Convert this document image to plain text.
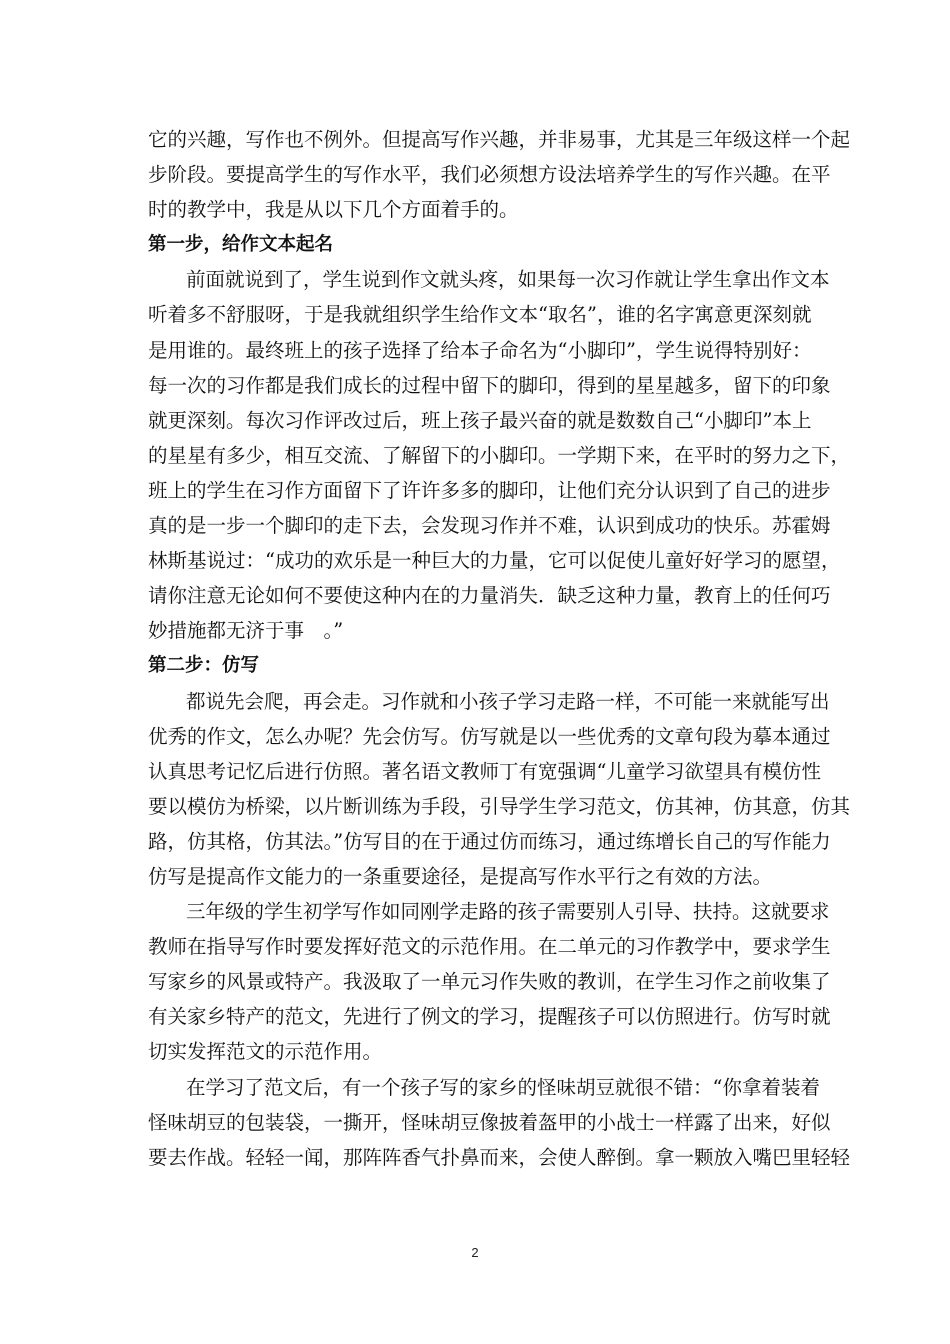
它的兴趣，写作也不例外。但提高写作兴趣，并非易事，尤其是三年级这样一个起
步阶段。要提高学生的写作水平，我们必须想方设法培养学生的写作兴趣。在平
时的教学中，我是从以下几个方面着手的。
第一步，给作文本起名
前面就说到了，学生说到作文就头疼，如果每一次习作就让学生拿出作文本
听着多不舒服呀，于是我就组织学生给作文本“取名”，谁的名字寓意更深刻就
是用谁的。最终班上的孩子选择了给本子命名为“小脚印”，学生说得特别好：
每一次的习作都是我们成长的过程中留下的脚印，得到的星星越多，留下的印象
就更深刻。每次习作评改过后，班上孩子最兴奋的就是数数自己“小脚印”本上
的星星有多少，相互交流、了解留下的小脚印。一学期下来，在平时的努力之下，
班上的学生在习作方面留下了许许多多的脚印，让他们充分认识到了自己的进步
真的是一步一个脚印的走下去，会发现习作并不难，认识到成功的快乐。苏霍姆
林斯基说过：“成功的欢乐是一种巨大的力量，它可以促使儿童好好学习的愿望，
请你注意无论如何不要使这种内在的力量消失．缺乏这种力量，教育上的任何巧
妙措施都无济于事　。”
第二步：仿写
都说先会爬，再会走。习作就和小孩子学习走路一样，不可能一来就能写出
优秀的作文，怎么办呢？先会仿写。仿写就是以一些优秀的文章句段为摹本通过
认真思考记忆后进行仿照。著名语文教师丁有宽强调“儿童学习欲望具有模仿性
要以模仿为桥梁，以片断训练为手段，引导学生学习范文，仿其神，仿其意，仿其
路，仿其格，仿其法。”仿写目的在于通过仿而练习，通过练增长自己的写作能力
仿写是提高作文能力的一条重要途径，是提高写作水平行之有效的方法。
三年级的学生初学写作如同刚学走路的孩子需要别人引导、扶持。这就要求
教师在指导写作时要发挥好范文的示范作用。在二单元的习作教学中，要求学生
写家乡的风景或特产。我汲取了一单元习作失败的教训，在学生习作之前收集了
有关家乡特产的范文，先进行了例文的学习，提醒孩子可以仿照进行。仿写时就
切实发挥范文的示范作用。
在学习了范文后，有一个孩子写的家乡的怪味胡豆就很不错：“你拿着装着
怪味胡豆的包装袋，一撕开，怪味胡豆像披着盔甲的小战士一样露了出来，好似
要去作战。轻轻一闻，那阵阵香气扑鼻而来，会使人醉倒。拿一颗放入嘴巴里轻轻
2
